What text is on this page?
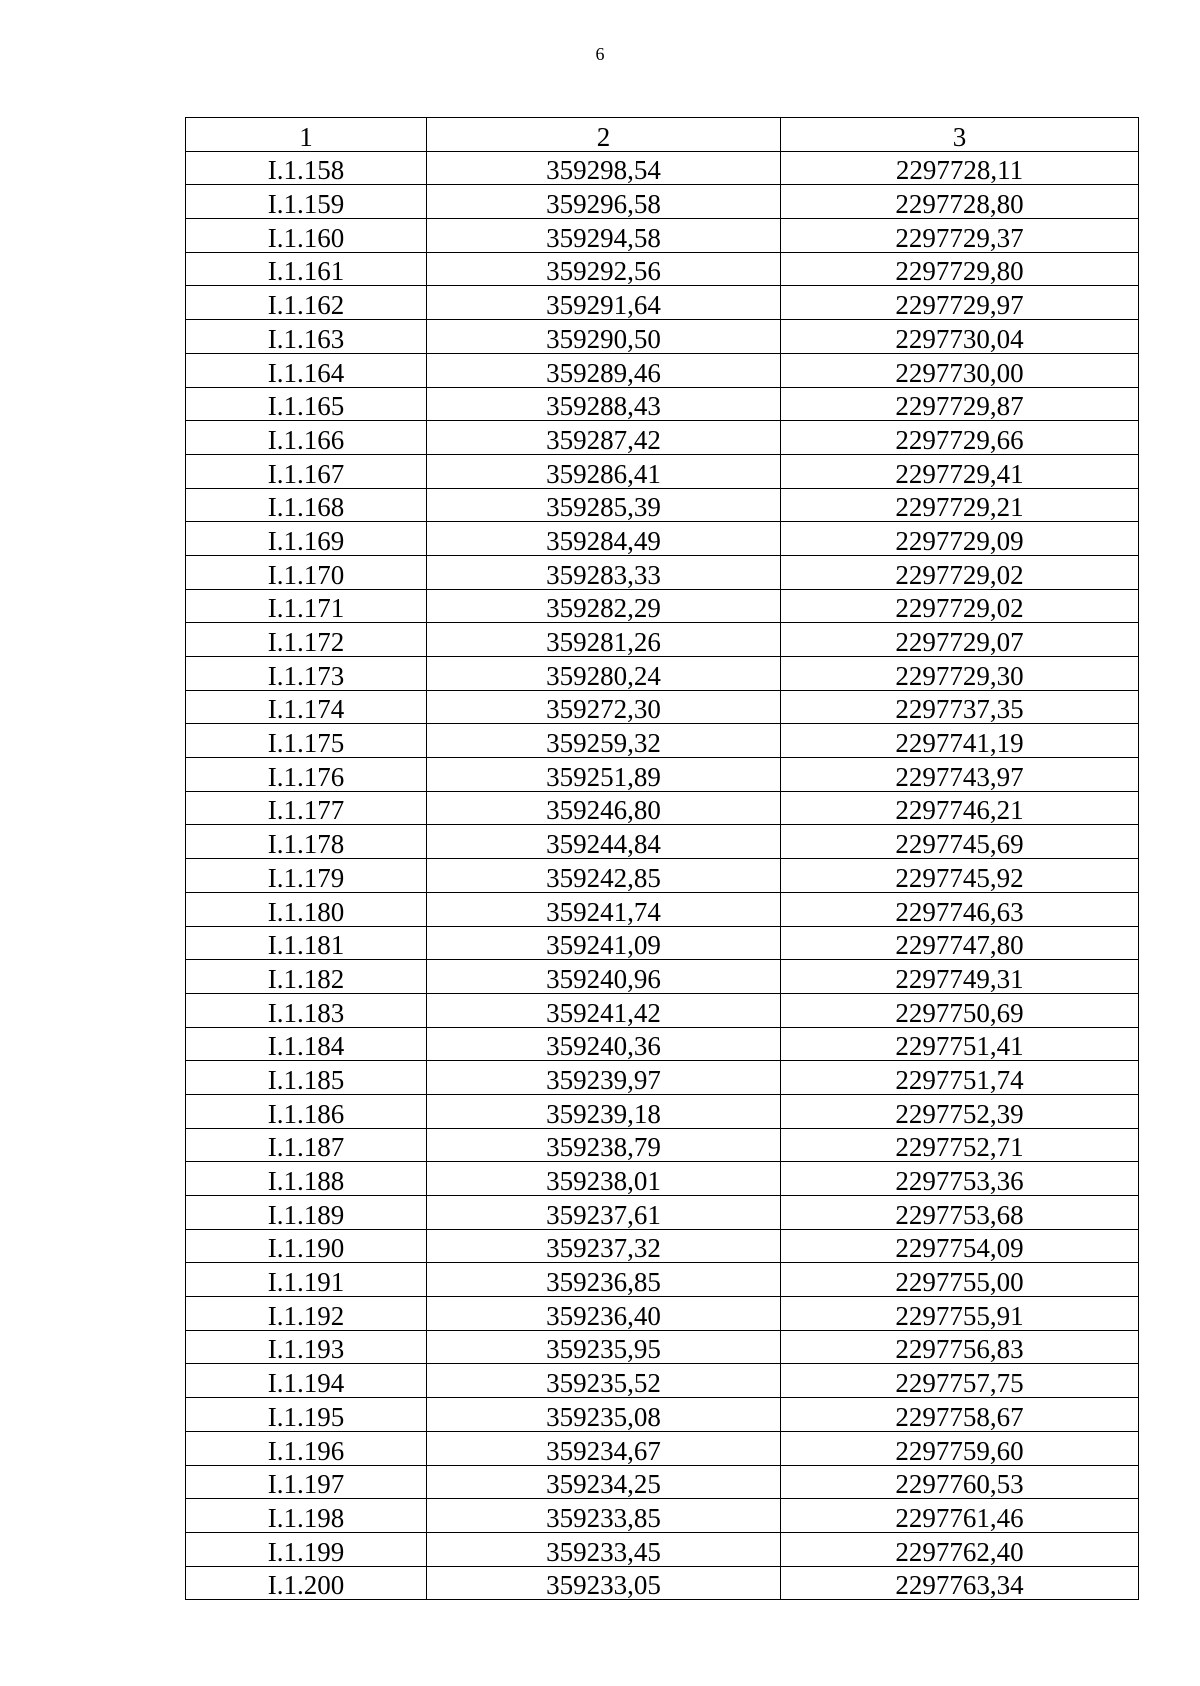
6
1	2	3
I.1.158	359298,54	2297728,11
I.1.159	359296,58	2297728,80
I.1.160	359294,58	2297729,37
I.1.161	359292,56	2297729,80
I.1.162	359291,64	2297729,97
I.1.163	359290,50	2297730,04
I.1.164	359289,46	2297730,00
I.1.165	359288,43	2297729,87
I.1.166	359287,42	2297729,66
I.1.167	359286,41	2297729,41
I.1.168	359285,39	2297729,21
I.1.169	359284,49	2297729,09
I.1.170	359283,33	2297729,02
I.1.171	359282,29	2297729,02
I.1.172	359281,26	2297729,07
I.1.173	359280,24	2297729,30
I.1.174	359272,30	2297737,35
I.1.175	359259,32	2297741,19
I.1.176	359251,89	2297743,97
I.1.177	359246,80	2297746,21
I.1.178	359244,84	2297745,69
I.1.179	359242,85	2297745,92
I.1.180	359241,74	2297746,63
I.1.181	359241,09	2297747,80
I.1.182	359240,96	2297749,31
I.1.183	359241,42	2297750,69
I.1.184	359240,36	2297751,41
I.1.185	359239,97	2297751,74
I.1.186	359239,18	2297752,39
I.1.187	359238,79	2297752,71
I.1.188	359238,01	2297753,36
I.1.189	359237,61	2297753,68
I.1.190	359237,32	2297754,09
I.1.191	359236,85	2297755,00
I.1.192	359236,40	2297755,91
I.1.193	359235,95	2297756,83
I.1.194	359235,52	2297757,75
I.1.195	359235,08	2297758,67
I.1.196	359234,67	2297759,60
I.1.197	359234,25	2297760,53
I.1.198	359233,85	2297761,46
I.1.199	359233,45	2297762,40
I.1.200	359233,05	2297763,34
